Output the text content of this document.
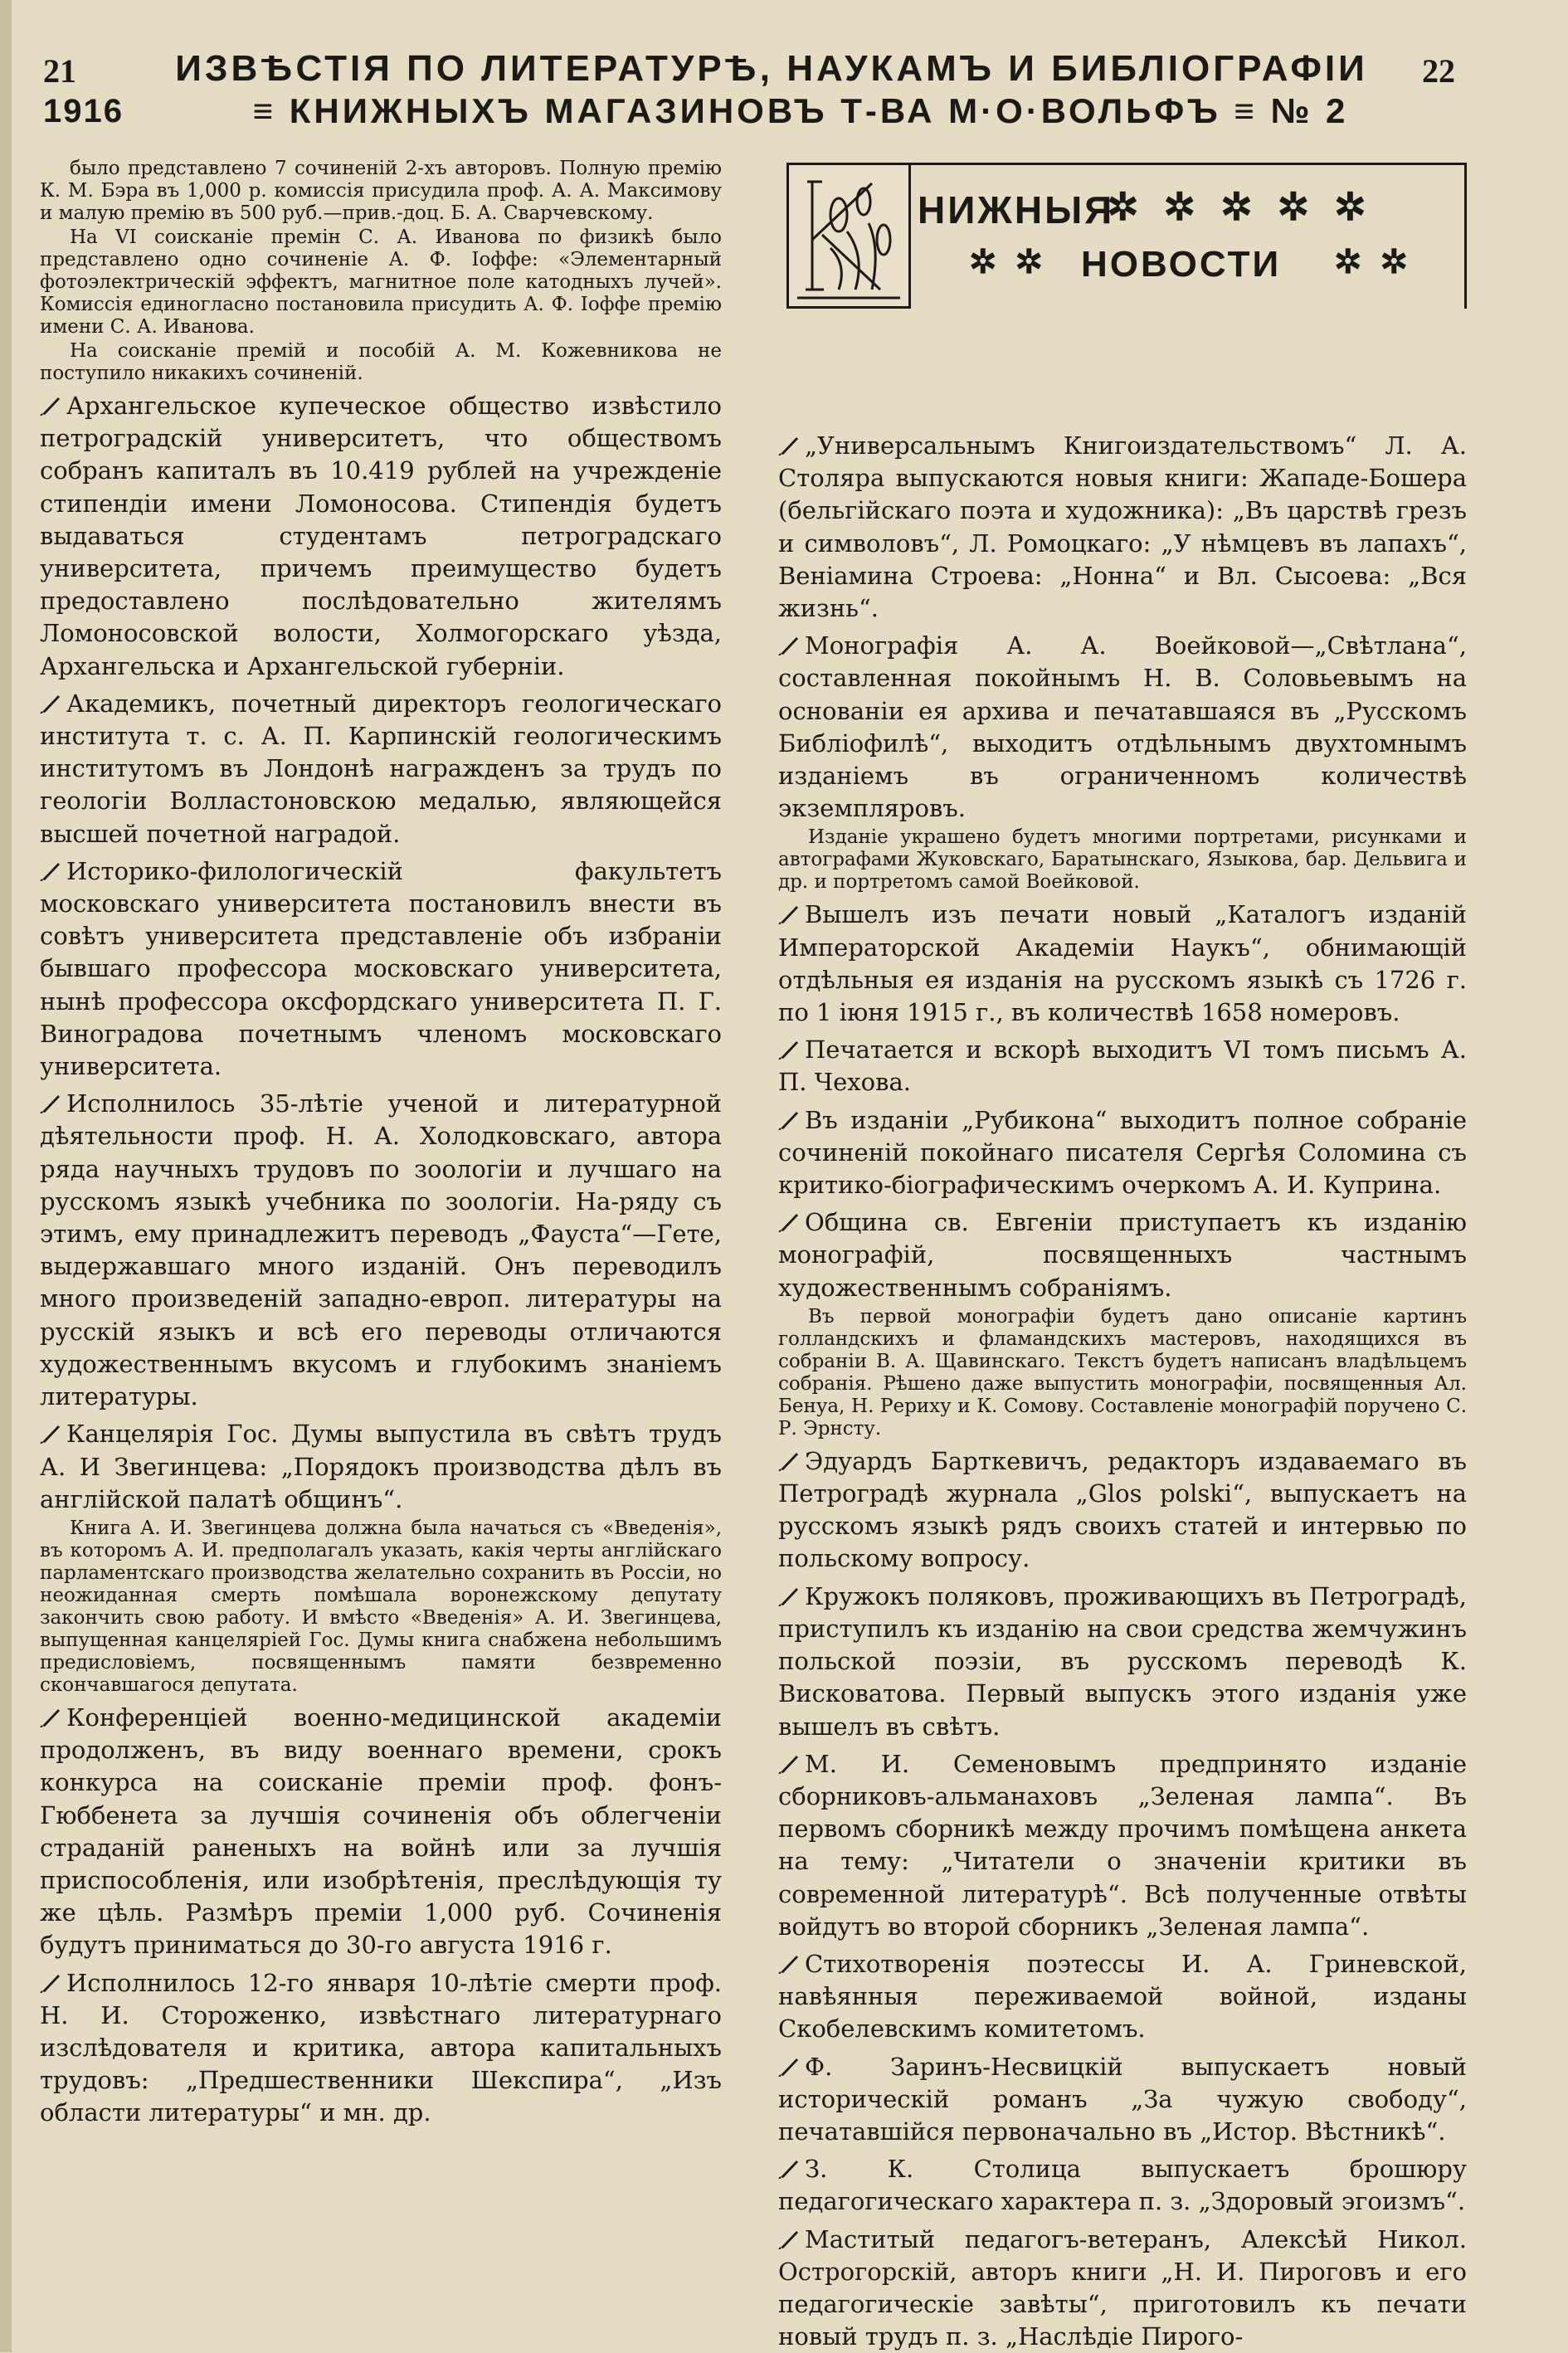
21	22
ИЗВѢСТІЯ ПО ЛИТЕРАТУРѢ, НАУКАМЪ И БИБЛІОГРАФІИ
1916	≡ КНИЖНЫХЪ МАГАЗИНОВЪ Т-ВА М·О·ВОЛЬФЪ ≡ № 2

было представлено 7 сочиненій 2-хъ авторовъ. Полную премію К. М. Бэра въ 1,000 р. комиссія присудила проф. А. А. Максимову и малую премію въ 500 руб.—прив.-доц. Б. А. Сварчевскому.

На VI соисканіе премін С. А. Иванова по физикѣ было представлено одно сочиненіе А. Ф. Іоффе: «Элементарный фотоэлектрическій эффектъ, магнитное поле катодныхъ лучей». Комиссія единогласно постановила присудить А. Ф. Іоффе премію имени С. А. Иванова.

На соисканіе премій и пособій А. М. Кожевникова не поступило никакихъ сочиненій.

Архангельское купеческое общество извѣстило петроградскій университетъ, что обществомъ собранъ капиталъ въ 10.419 рублей на учрежденіе стипендіи имени Ломоносова. Стипендія будетъ выдаваться студентамъ петроградскаго университета, причемъ преимущество будетъ предоставлено послѣдовательно жителямъ Ломоносовской волости, Холмогорскаго уѣзда, Архангельска и Архангельской губерніи.

Академикъ, почетный директоръ геологическаго института т. с. А. П. Карпинскій геологическимъ институтомъ въ Лондонѣ награжденъ за трудъ по геологіи Волластоновскою медалью, являющейся высшей почетной наградой.

Историко-филологическій факультетъ московскаго университета постановилъ внести въ совѣтъ университета представленіе объ избраніи бывшаго профессора московскаго университета, нынѣ профессора оксфордскаго университета П. Г. Виноградова почетнымъ членомъ московскаго университета.

Исполнилось 35-лѣтіе ученой и литературной дѣятельности проф. Н. А. Холодковскаго, автора ряда научныхъ трудовъ по зоологіи и лучшаго на русскомъ языкѣ учебника по зоологіи. На-ряду съ этимъ, ему принадлежитъ переводъ „Фауста“—Гете, выдержавшаго много изданій. Онъ переводилъ много произведеній западно-европ. литературы на русскій языкъ и всѣ его переводы отличаются художественнымъ вкусомъ и глубокимъ знаніемъ литературы.

Канцелярія Гос. Думы выпустила въ свѣтъ трудъ А. И Звегинцева: „Порядокъ производства дѣлъ въ англійской палатѣ общинъ“.

Книга А. И. Звегинцева должна была начаться съ «Введенія», въ которомъ А. И. предполагалъ указать, какія черты англійскаго парламентскаго производства желательно сохранить въ Россіи, но неожиданная смерть помѣшала воронежскому депутату закончить свою работу. И вмѣсто «Введенія» А. И. Звегинцева, выпущенная канцеляріей Гос. Думы книга снабжена небольшимъ предисловіемъ, посвященнымъ памяти безвременно скончавшагося депутата.

Конференціей военно-медицинской академіи продолженъ, въ виду военнаго времени, срокъ конкурса на соисканіе преміи проф. фонъ-Гюббенета за лучшія сочиненія объ облегченіи страданій раненыхъ на войнѣ или за лучшія приспособленія, или изобрѣтенія, преслѣдующія ту же цѣль. Размѣръ преміи 1,000 руб. Сочиненія будутъ приниматься до 30-го августа 1916 г.

Исполнилось 12-го января 10-лѣтіе смерти проф. Н. И. Стороженко, извѣстнаго литературнаго изслѣдователя и критика, автора капитальныхъ трудовъ: „Предшественники Шекспира“, „Изъ области литературы“ и мн. др.

НИЖНЫЯ
✲✲✲✲✲
✲✲ НОВОСТИ ✲✲

„Универсальнымъ Книгоиздательствомъ“ Л. А. Столяра выпускаются новыя книги: Жападе-Бошера (бельгійскаго поэта и художника): „Въ царствѣ грезъ и символовъ“, Л. Ромоцкаго: „У нѣмцевъ въ лапахъ“, Веніамина Строева: „Нонна“ и Вл. Сысоева: „Вся жизнь“.

Монографія А. А. Воейковой—„Свѣтлана“, составленная покойнымъ Н. В. Соловьевымъ на основаніи ея архива и печатавшаяся въ „Русскомъ Библіофилѣ“, выходитъ отдѣльнымъ двухтомнымъ изданіемъ въ ограниченномъ количествѣ экземпляровъ.

Изданіе украшено будетъ многими портретами, рисунками и автографами Жуковскаго, Баратынскаго, Языкова, бар. Дельвига и др. и портретомъ самой Воейковой.

Вышелъ изъ печати новый „Каталогъ изданій Императорской Академіи Наукъ“, обнимающій отдѣльныя ея изданія на русскомъ языкѣ съ 1726 г. по 1 іюня 1915 г., въ количествѣ 1658 номеровъ.

Печатается и вскорѣ выходитъ VI томъ письмъ А. П. Чехова.

Въ изданіи „Рубикона“ выходитъ полное собраніе сочиненій покойнаго писателя Сергѣя Соломина съ критико-біографическимъ очеркомъ А. И. Куприна.

Община св. Евгеніи приступаетъ къ изданію монографій, посвященныхъ частнымъ художественнымъ собраніямъ.

Въ первой монографіи будетъ дано описаніе картинъ голландскихъ и фламандскихъ мастеровъ, находящихся въ собраніи В. А. Щавинскаго. Текстъ будетъ написанъ владѣльцемъ собранія. Рѣшено даже выпустить монографіи, посвященныя Ал. Бенуа, Н. Рериху и К. Сомову. Составленіе монографій поручено С. Р. Эрнсту.

Эдуардъ Барткевичъ, редакторъ издаваемаго въ Петроградѣ журнала „Glos polski“, выпускаетъ на русскомъ языкѣ рядъ своихъ статей и интервью по польскому вопросу.

Кружокъ поляковъ, проживающихъ въ Петроградѣ, приступилъ къ изданію на свои средства жемчужинъ польской поэзіи, въ русскомъ переводѣ К. Висковатова. Первый выпускъ этого изданія уже вышелъ въ свѣтъ.

М. И. Семеновымъ предпринято изданіе сборниковъ-альманаховъ „Зеленая лампа“. Въ первомъ сборникѣ между прочимъ помѣщена анкета на тему: „Читатели о значеніи критики въ современной литературѣ“. Всѣ полученные отвѣты войдутъ во второй сборникъ „Зеленая лампа“.

Стихотворенія поэтессы И. А. Гриневской, навѣянныя переживаемой войной, изданы Скобелевскимъ комитетомъ.

Ф. Заринъ-Несвицкій выпускаетъ новый историческій романъ „За чужую свободу“, печатавшійся первоначально въ „Истор. Вѣстникѣ“.

З. К. Столица выпускаетъ брошюру педагогическаго характера п. з. „Здоровый эгоизмъ“.

Маститый педагогъ-ветеранъ, Алексѣй Никол. Острогорскій, авторъ книги „Н. И. Пироговъ и его педагогическіе завѣты“, приготовилъ къ печати новый трудъ п. з. „Наслѣдіе Пирого-
